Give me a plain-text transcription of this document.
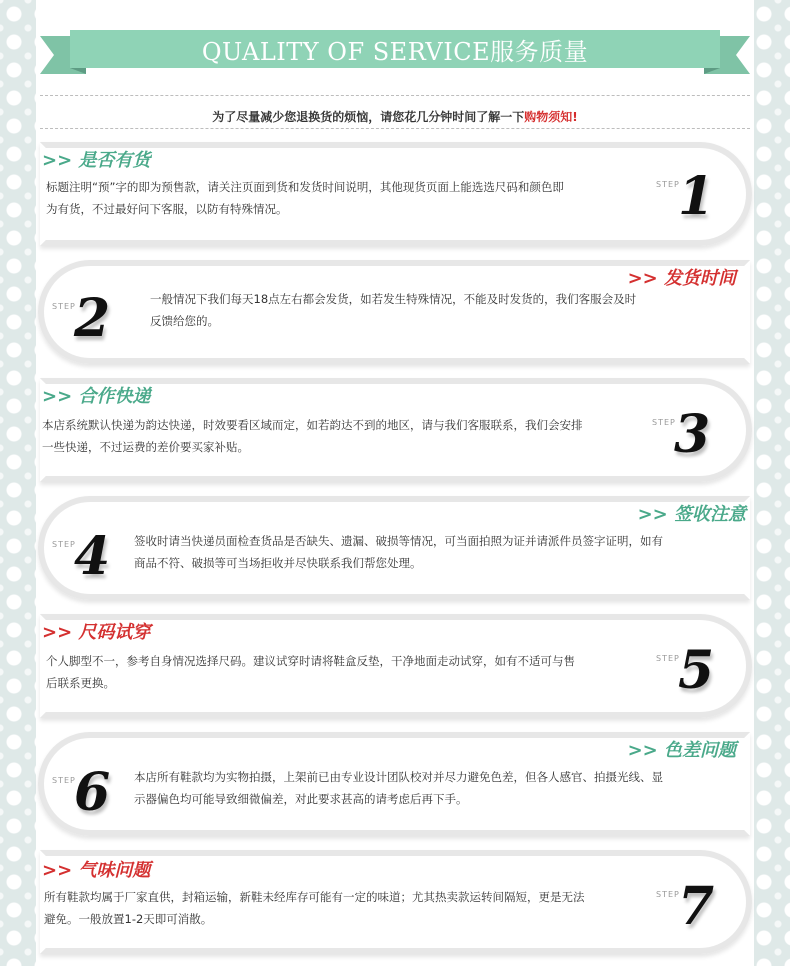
QUALITY OF SERVICE服务质量
为了尽量减少您退换货的烦恼，请您花几分钟时间了解一下购物须知!
>> 是否有货
标题注明“预”字的即为预售款，请关注页面到货和发货时间说明，其他现货页面上能选选尺码和颜色即
为有货，不过最好问下客服，以防有特殊情况。
STEP
1
>> 发货时间
STEP
2	一般情况下我们每天18点左右都会发货，如若发生特殊情况，不能及时发货的，我们客服会及时
反馈给您的。
>> 合作快递
本店系统默认快递为韵达快递，时效要看区域而定，如若韵达不到的地区，请与我们客服联系，我们会安排
一些快递，不过运费的差价要买家补贴。
STEP
3
>> 签收注意
STEP
4 签收时请当快递员面检查货品是否缺失、遗漏、破损等情况，可当面拍照为证并请派件员签字证明，如有
商品不符、破损等可当场拒收并尽快联系我们帮您处理。
>> 尺码试穿
个人脚型不一，参考自身情况选择尺码。建议试穿时请将鞋盒反垫，干净地面走动试穿，如有不适可与售
后联系更换。
STEP
5
>> 色差问题
STEP
6 本店所有鞋款均为实物拍摄，上架前已由专业设计团队校对并尽力避免色差，但各人感官、拍摄光线、显
示器偏色均可能导致细微偏差，对此要求甚高的请考虑后再下手。
>> 气味问题
所有鞋款均属于厂家直供，封箱运输，新鞋未经库存可能有一定的味道；尤其热卖款运转间隔短，更是无法
避免。一般放置1-2天即可消散。
STEP
7
